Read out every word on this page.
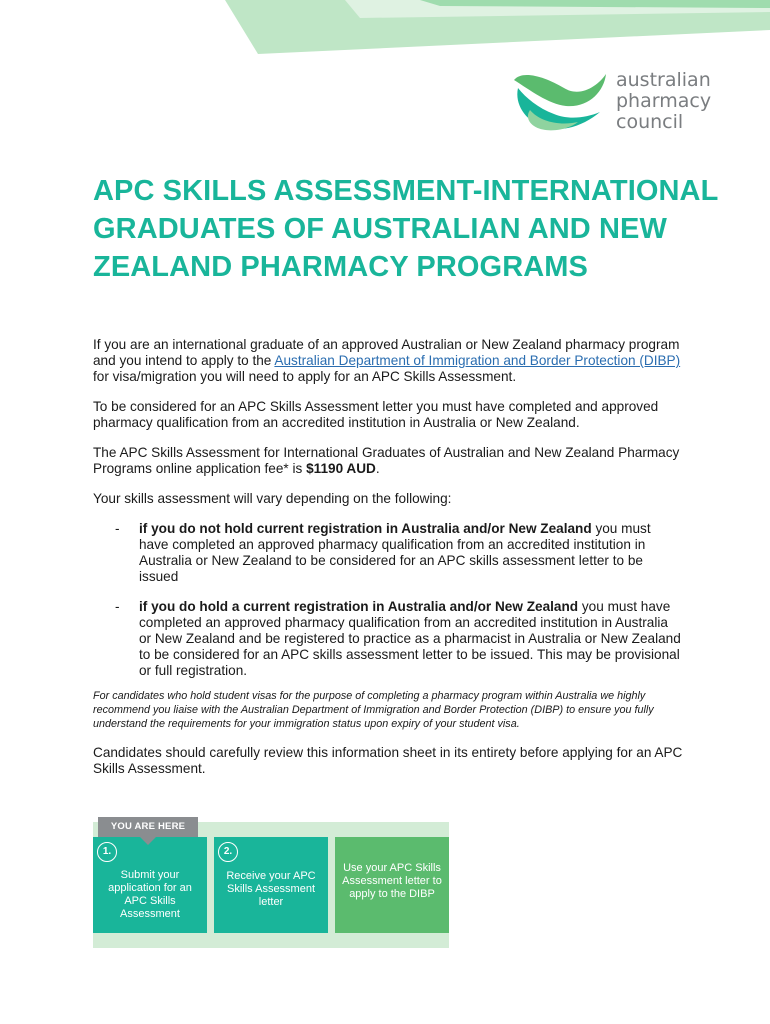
australian
pharmacy
council
APC SKILLS ASSESSMENT-INTERNATIONAL GRADUATES OF AUSTRALIAN AND NEW ZEALAND PHARMACY PROGRAMS

If you are an international graduate of an approved Australian or New Zealand pharmacy program and you intend to apply to the Australian Department of Immigration and Border Protection (DIBP) for visa/migration you will need to apply for an APC Skills Assessment.

To be considered for an APC Skills Assessment letter you must have completed and approved pharmacy qualification from an accredited institution in Australia or New Zealand.

The APC Skills Assessment for International Graduates of Australian and New Zealand Pharmacy Programs online application fee* is $1190 AUD.

Your skills assessment will vary depending on the following:

- if you do not hold current registration in Australia and/or New Zealand you must have completed an approved pharmacy qualification from an accredited institution in Australia or New Zealand to be considered for an APC skills assessment letter to be issued
- if you do hold a current registration in Australia and/or New Zealand you must have completed an approved pharmacy qualification from an accredited institution in Australia or New Zealand and be registered to practice as a pharmacist in Australia or New Zealand to be considered for an APC skills assessment letter to be issued. This may be provisional or full registration.

For candidates who hold student visas for the purpose of completing a pharmacy program within Australia we highly recommend you liaise with the Australian Department of Immigration and Border Protection (DIBP) to ensure you fully understand the requirements for your immigration status upon expiry of your student visa.

Candidates should carefully review this information sheet in its entirety before applying for an APC Skills Assessment.

1.
Submit your application for an APC Skills Assessment
2.
Receive your APC Skills Assessment letter
Use your APC Skills Assessment letter to apply to the DIBP
YOU ARE HERE
